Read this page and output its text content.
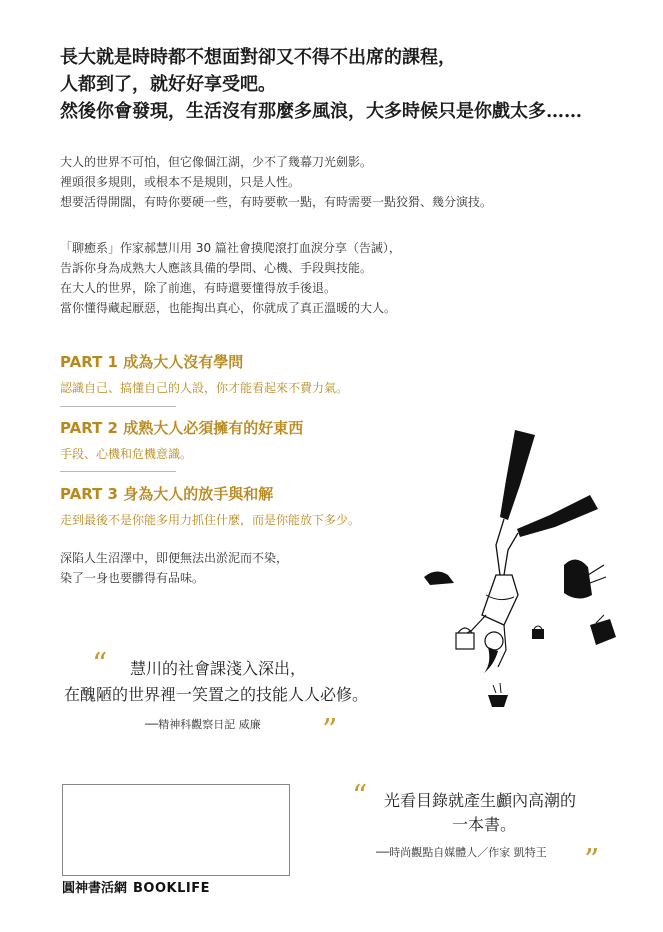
長大就是時時都不想面對卻又不得不出席的課程，
人都到了，就好好享受吧。
然後你會發現，生活沒有那麼多風浪，大多時候只是你戲太多……
大人的世界不可怕，但它像個江湖，少不了幾幕刀光劍影。
裡頭很多規則，或根本不是規則，只是人性。
想要活得開闊，有時你要硬一些，有時要軟一點，有時需要一點狡猾、幾分演技。
「聊癒系」作家郝慧川用 30 篇社會摸爬滾打血淚分享（告誡），
告訴你身為成熟大人應該具備的學問、心機、手段與技能。
在大人的世界，除了前進，有時還要懂得放手後退。
當你懂得藏起厭惡，也能掏出真心，你就成了真正溫暖的大人。
PART 1 成為大人沒有學問
認識自己、搞懂自己的人設，你才能看起來不費力氣。
PART 2 成熟大人必須擁有的好東西
手段、心機和危機意識。
PART 3 身為大人的放手與和解
走到最後不是你能多用力抓住什麼，而是你能放下多少。
深陷人生沼澤中，即便無法出淤泥而不染，
染了一身也要髒得有品味。
“ 慧川的社會課淺入深出，
在醜陋的世界裡一笑置之的技能人人必修。
──精神科觀察日記 威廉 ”
“ 光看目錄就產生顱內高潮的
一本書。
──時尚觀點自媒體人／作家 凱特王 ”
圓神書活網 BOOKLIFE
